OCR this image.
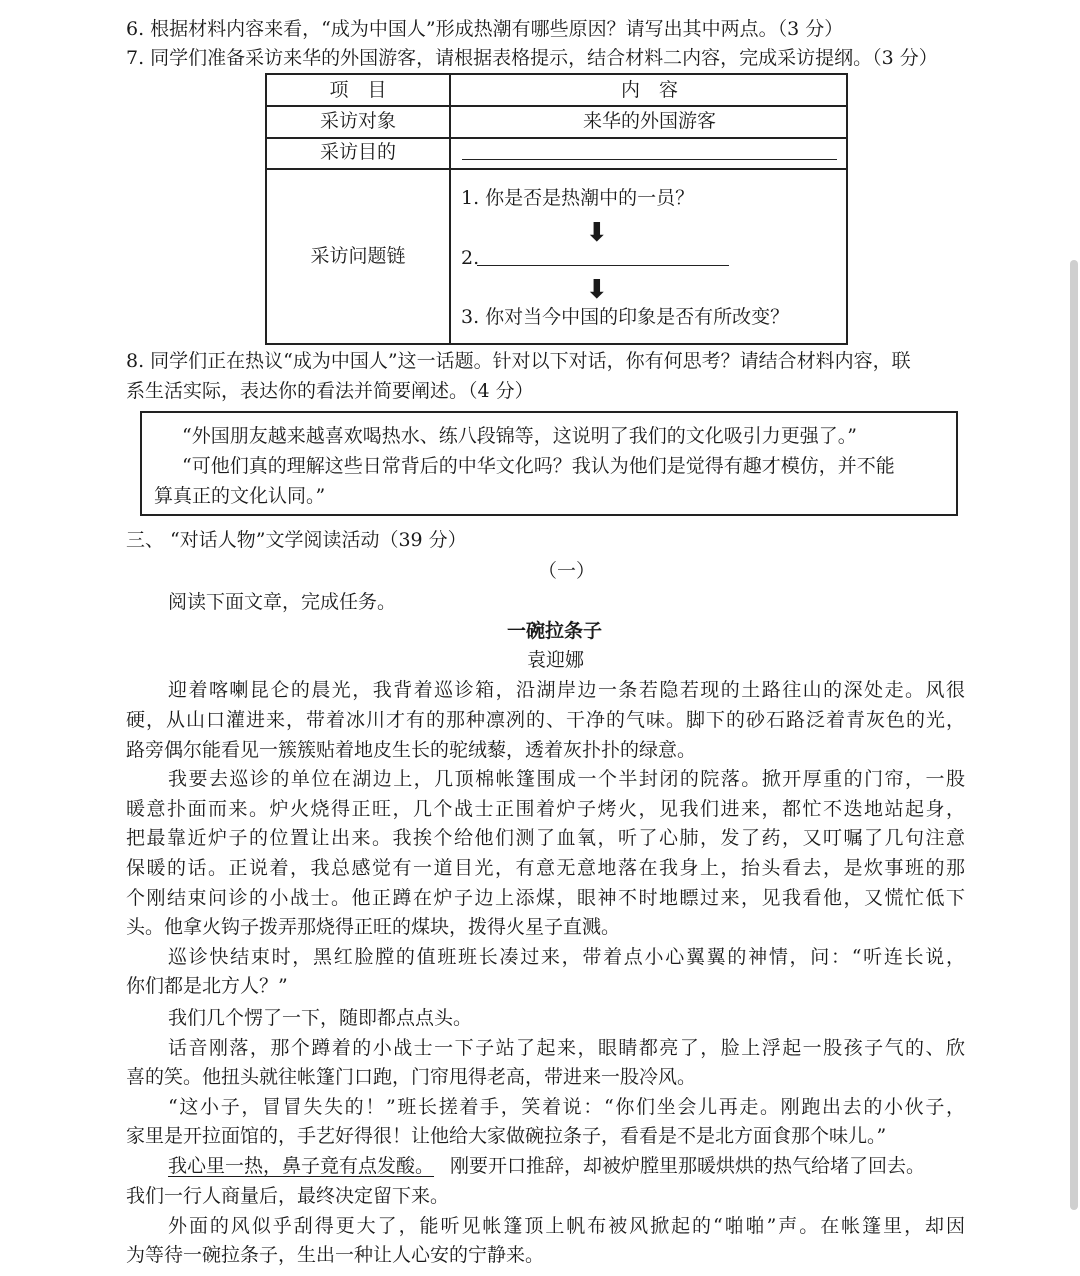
6. 根据材料内容来看，“成为中国人”形成热潮有哪些原因？请写出其中两点。（3 分）
7. 同学们准备采访来华的外国游客，请根据表格提示，结合材料二内容，完成采访提纲。（3 分）
项　目	内　容
采访对象	来华的外国游客
采访目的
采访问题链
1. 你是否是热潮中的一员？
⬇
2.
⬇
3. 你对当今中国的印象是否有所改变？
8. 同学们正在热议“成为中国人”这一话题。针对以下对话，你有何思考？请结合材料内容，联
系生活实际，表达你的看法并简要阐述。（4 分）
“外国朋友越来越喜欢喝热水、练八段锦等，这说明了我们的文化吸引力更强了。”
“可他们真的理解这些日常背后的中华文化吗？我认为他们是觉得有趣才模仿，并不能
算真正的文化认同。”
三、 “对话人物”文学阅读活动（39 分）
（一）
阅读下面文章，完成任务。
一碗拉条子
袁迎娜
迎着喀喇昆仑的晨光，我背着巡诊箱，沿湖岸边一条若隐若现的土路往山的深处走。风很
硬，从山口灌进来，带着冰川才有的那种凛冽的、干净的气味。脚下的砂石路泛着青灰色的光，
路旁偶尔能看见一簇簇贴着地皮生长的驼绒藜，透着灰扑扑的绿意。
我要去巡诊的单位在湖边上，几顶棉帐篷围成一个半封闭的院落。掀开厚重的门帘，一股
暖意扑面而来。炉火烧得正旺，几个战士正围着炉子烤火，见我们进来，都忙不迭地站起身，
把最靠近炉子的位置让出来。我挨个给他们测了血氧，听了心肺，发了药，又叮嘱了几句注意
保暖的话。正说着，我总感觉有一道目光，有意无意地落在我身上，抬头看去，是炊事班的那
个刚结束问诊的小战士。他正蹲在炉子边上添煤，眼神不时地瞟过来，见我看他，又慌忙低下
头。他拿火钩子拨弄那烧得正旺的煤块，拨得火星子直溅。
巡诊快结束时，黑红脸膛的值班班长凑过来，带着点小心翼翼的神情，问：“听连长说，
你们都是北方人？”
我们几个愣了一下，随即都点点头。
话音刚落，那个蹲着的小战士一下子站了起来，眼睛都亮了，脸上浮起一股孩子气的、欣
喜的笑。他扭头就往帐篷门口跑，门帘甩得老高，带进来一股冷风。
“这小子，冒冒失失的！”班长搓着手，笑着说：“你们坐会儿再走。刚跑出去的小伙子，
家里是开拉面馆的，手艺好得很！让他给大家做碗拉条子，看看是不是北方面食那个味儿。”
我心里一热，鼻子竟有点发酸。 刚要开口推辞，却被炉膛里那暖烘烘的热气给堵了回去。
我们一行人商量后，最终决定留下来。
外面的风似乎刮得更大了，能听见帐篷顶上帆布被风掀起的“啪啪”声。在帐篷里，却因
为等待一碗拉条子，生出一种让人心安的宁静来。
